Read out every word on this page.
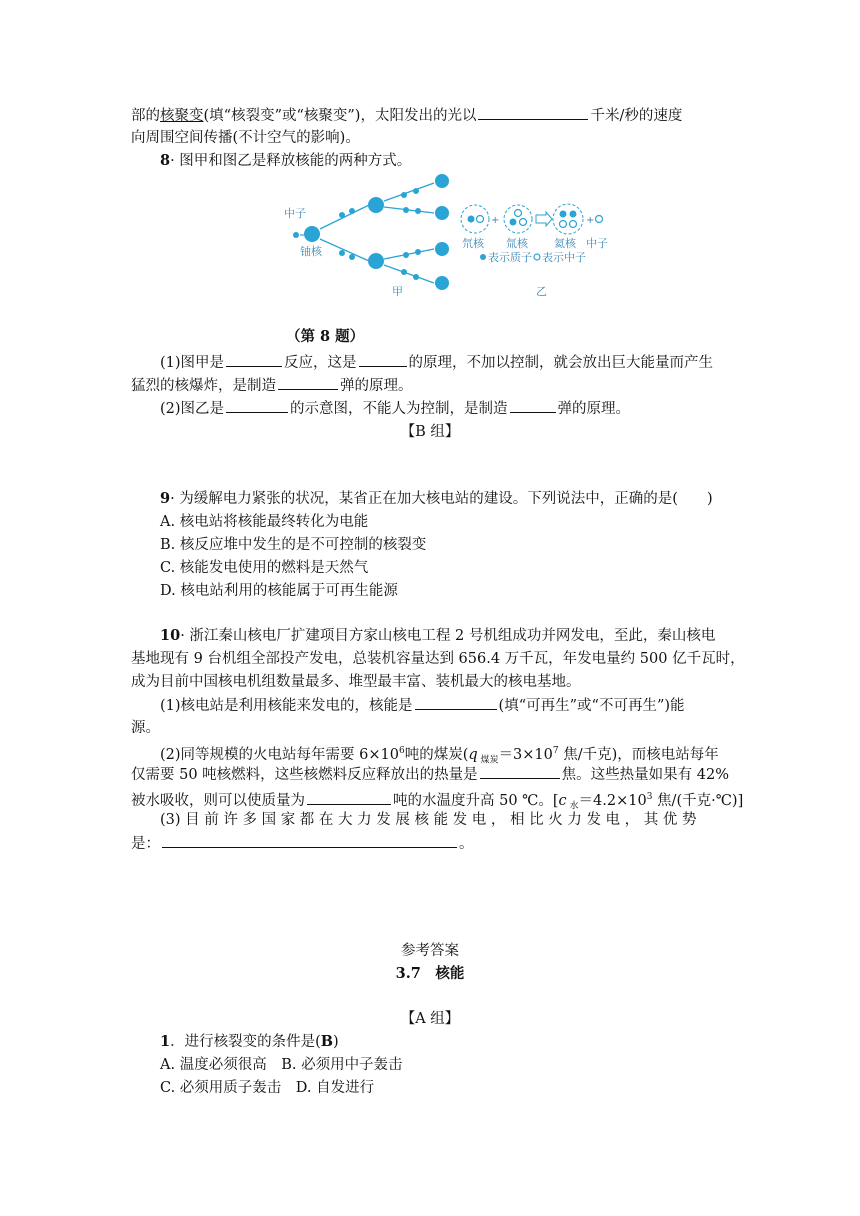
部的核聚变(填“核裂变”或“核聚变”)，太阳发出的光以	千米/秒的速度
向周围空间传播(不计空气的影响)。
8· 图甲和图乙是释放核能的两种方式。
中子
铀核
甲
+	+
氘核 氚核 氦核 中子
表示质子 表示中子
乙
（第 8 题）
(1)图甲是	反应，这是	的原理，不加以控制，就会放出巨大能量而产生
猛烈的核爆炸，是制造	弹的原理。
(2)图乙是	的示意图，不能人为控制，是制造	弹的原理。
【B 组】
9· 为缓解电力紧张的状况，某省正在加大核电站的建设。下列说法中，正确的是(　　)
A. 核电站将核能最终转化为电能
B. 核反应堆中发生的是不可控制的核裂变
C. 核能发电使用的燃料是天然气
D. 核电站利用的核能属于可再生能源
10· 浙江秦山核电厂扩建项目方家山核电工程 2 号机组成功并网发电，至此，秦山核电
基地现有 9 台机组全部投产发电，总装机容量达到 656.4 万千瓦，年发电量约 500 亿千瓦时，
成为目前中国核电机组数量最多、堆型最丰富、装机最大的核电基地。
(1)核电站是利用核能来发电的，核能是	(填“可再生”或“不可再生”)能
源。
(2)同等规模的火电站每年需要 $6\times 10^6$吨的煤炭(q $_{煤炭}=3\times 10^7$ 焦/千克)，而核电站每年
仅需要 50 吨核燃料，这些核燃料反应释放出的热量是	焦。这些热量如果有 42%
被水吸收，则可以使质量为	吨的水温度升高 50 ℃。[c $_水=4.2\times 10^3$ 焦/(千克·℃)]
(3) 目 前 许 多 国 家 都 在 大 力 发 展 核 能 发 电 ， 相 比 火 力 发 电 ， 其 优 势
是：	。
参考答案
3.7　核能
【A 组】
1．进行核裂变的条件是(B)
A. 温度必须很高　B. 必须用中子轰击
C. 必须用质子轰击　D. 自发进行
